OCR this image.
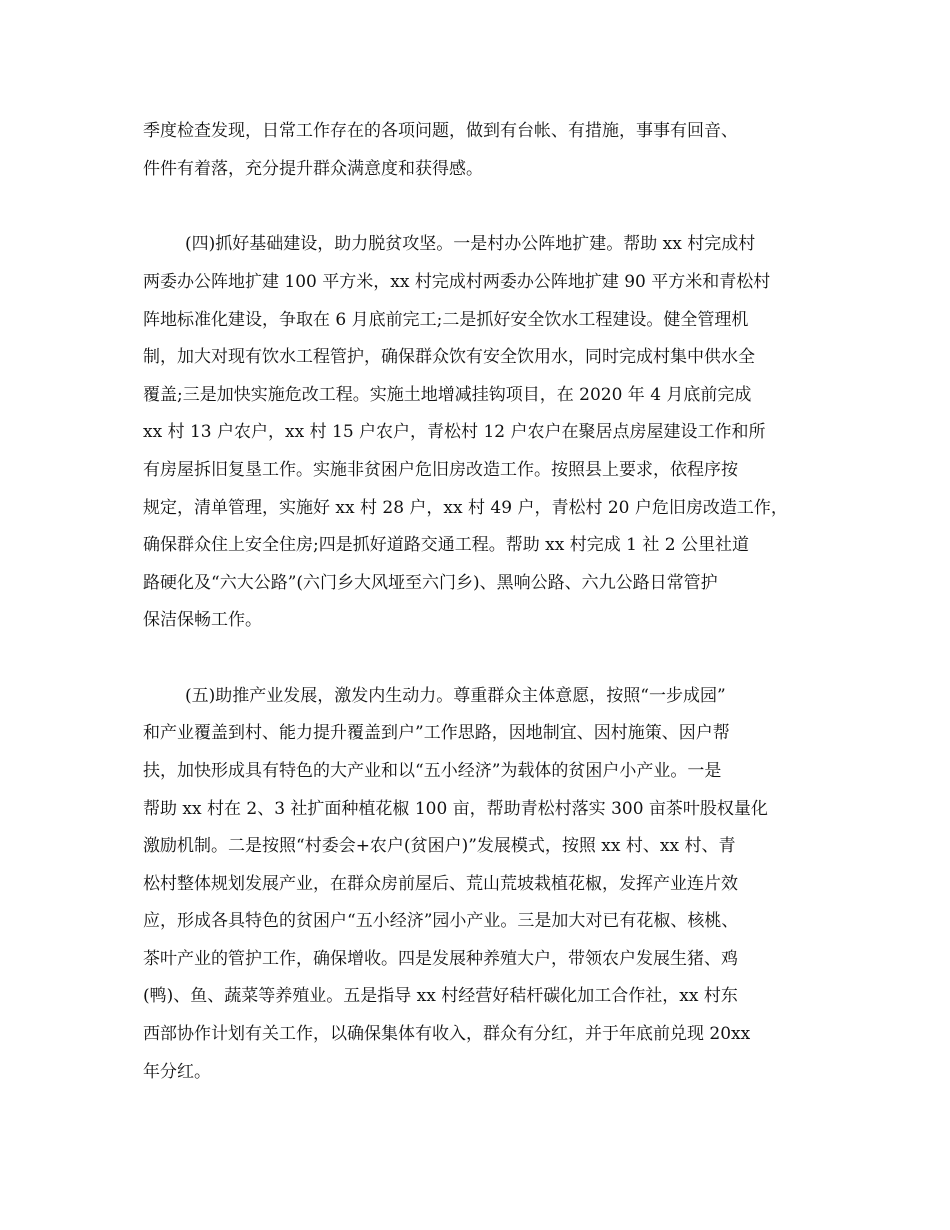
季度检查发现，日常工作存在的各项问题，做到有台帐、有措施，事事有回音、
件件有着落，充分提升群众满意度和获得感。
(四)抓好基础建设，助力脱贫攻坚。一是村办公阵地扩建。帮助 xx 村完成村
两委办公阵地扩建 100 平方米，xx 村完成村两委办公阵地扩建 90 平方米和青松村
阵地标准化建设，争取在 6 月底前完工;二是抓好安全饮水工程建设。健全管理机
制，加大对现有饮水工程管护，确保群众饮有安全饮用水，同时完成村集中供水全
覆盖;三是加快实施危改工程。实施土地增减挂钩项目，在 2020 年 4 月底前完成
xx 村 13 户农户，xx 村 15 户农户，青松村 12 户农户在聚居点房屋建设工作和所
有房屋拆旧复垦工作。实施非贫困户危旧房改造工作。按照县上要求，依程序按
规定，清单管理，实施好 xx 村 28 户，xx 村 49 户，青松村 20 户危旧房改造工作，
确保群众住上安全住房;四是抓好道路交通工程。帮助 xx 村完成 1 社 2 公里社道
路硬化及“六大公路”(六门乡大风垭至六门乡)、黑响公路、六九公路日常管护
保洁保畅工作。
(五)助推产业发展，激发内生动力。尊重群众主体意愿，按照“一步成园”
和产业覆盖到村、能力提升覆盖到户”工作思路，因地制宜、因村施策、因户帮
扶，加快形成具有特色的大产业和以“五小经济”为载体的贫困户小产业。一是
帮助 xx 村在 2、3 社扩面种植花椒 100 亩，帮助青松村落实 300 亩茶叶股权量化
激励机制。二是按照“村委会+农户(贫困户)”发展模式，按照 xx 村、xx 村、青
松村整体规划发展产业，在群众房前屋后、荒山荒坡栽植花椒，发挥产业连片效
应，形成各具特色的贫困户“五小经济”园小产业。三是加大对已有花椒、核桃、
茶叶产业的管护工作，确保增收。四是发展种养殖大户，带领农户发展生猪、鸡
(鸭)、鱼、蔬菜等养殖业。五是指导 xx 村经营好秸杆碳化加工合作社，xx 村东
西部协作计划有关工作，以确保集体有收入，群众有分红，并于年底前兑现 20xx
年分红。
